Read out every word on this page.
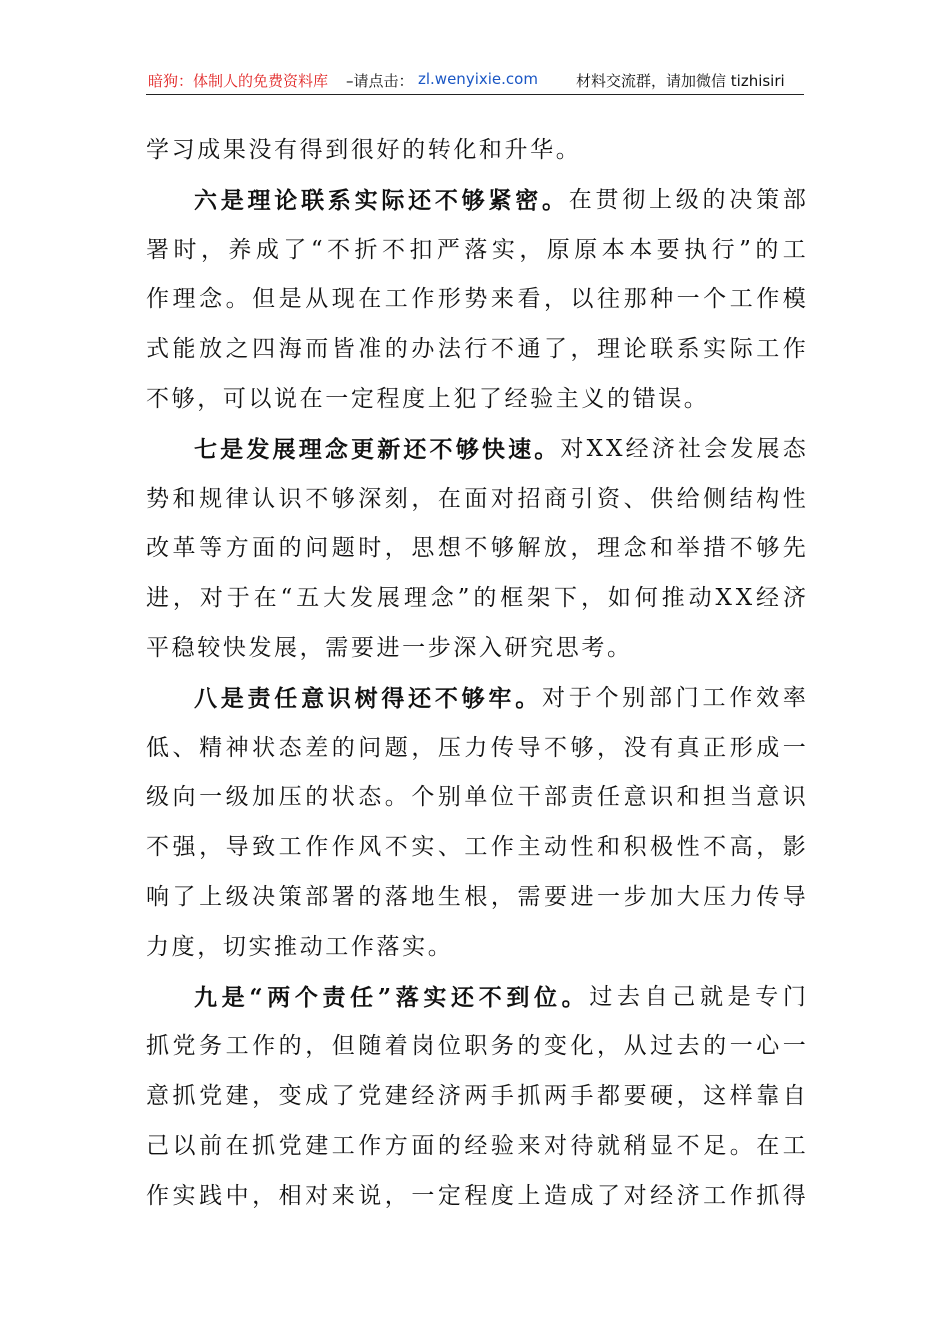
暗狗：体制人的免费资料库 –请点击： zl.wenyixie.com	材料交流群，请加微信 tizhisiri
学 习 成 果 没 有 得 到 很 好 的 转 化 和 升 华 。
六 是 理 论 联 系 实 际 还 不 够 紧 密 。 在 贯 彻 上 级 的 决 策 部
署 时 ， 养 成 了 “ 不 折 不 扣 严 落 实 ， 原 原 本 本 要 执 行 ” 的 工
作 理 念 。 但 是 从 现 在 工 作 形 势 来 看 ， 以 往 那 种 一 个 工 作 模
式 能 放 之 四 海 而 皆 准 的 办 法 行 不 通 了 ， 理 论 联 系 实 际 工 作
不 够 ， 可 以 说 在 一 定 程 度 上 犯 了 经 验 主 义 的 错 误 。
七 是 发 展 理 念 更 新 还 不 够 快 速 。 对 X X 经 济 社 会 发 展 态
势 和 规 律 认 识 不 够 深 刻 ， 在 面 对 招 商 引 资 、 供 给 侧 结 构 性
改 革 等 方 面 的 问 题 时 ， 思 想 不 够 解 放 ， 理 念 和 举 措 不 够 先
进 ， 对 于 在 “ 五 大 发 展 理 念 ” 的 框 架 下 ， 如 何 推 动 X X 经 济
平 稳 较 快 发 展 ， 需 要 进 一 步 深 入 研 究 思 考 。
八 是 责 任 意 识 树 得 还 不 够 牢 。 对 于 个 别 部 门 工 作 效 率
低 、 精 神 状 态 差 的 问 题 ， 压 力 传 导 不 够 ， 没 有 真 正 形 成 一
级 向 一 级 加 压 的 状 态 。 个 别 单 位 干 部 责 任 意 识 和 担 当 意 识
不 强 ， 导 致 工 作 作 风 不 实 、 工 作 主 动 性 和 积 极 性 不 高 ， 影
响 了 上 级 决 策 部 署 的 落 地 生 根 ， 需 要 进 一 步 加 大 压 力 传 导
力 度 ， 切 实 推 动 工 作 落 实 。
九 是 “ 两 个 责 任 ” 落 实 还 不 到 位 。 过 去 自 己 就 是 专 门
抓 党 务 工 作 的 ， 但 随 着 岗 位 职 务 的 变 化 ， 从 过 去 的 一 心 一
意 抓 党 建 ， 变 成 了 党 建 经 济 两 手 抓 两 手 都 要 硬 ， 这 样 靠 自
己 以 前 在 抓 党 建 工 作 方 面 的 经 验 来 对 待 就 稍 显 不 足 。 在 工
作 实 践 中 ， 相 对 来 说 ， 一 定 程 度 上 造 成 了 对 经 济 工 作 抓 得
